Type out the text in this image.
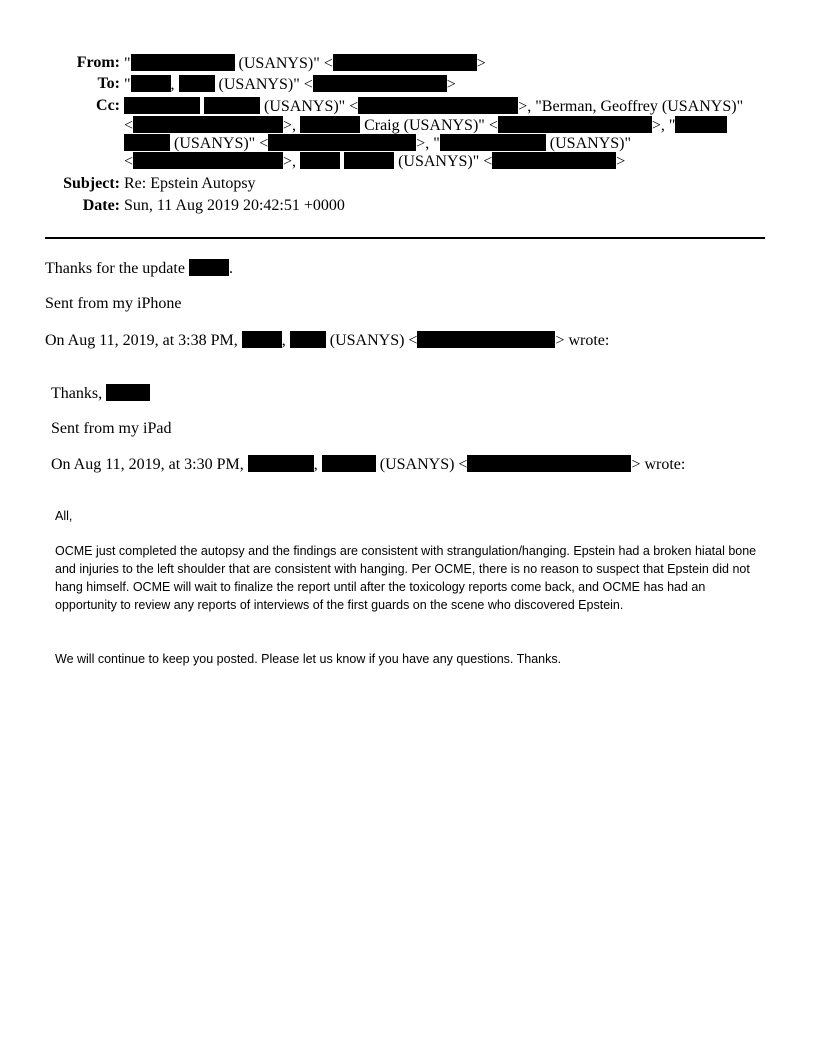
From: "	(USANYS)" <	>
To: "	,  (USANYS)" <	>
Cc:	(USANYS)" <	>, "Berman, Geoffrey (USANYS)"
<	>,	Craig (USANYS)" <	>, "
(USANYS)" <	>, "	(USANYS)"
<	>,	(USANYS)" <	>
Subject: Re: Epstein Autopsy
Date: Sun, 11 Aug 2019 20:42:51 +0000
Thanks for the update	.
Sent from my iPhone
On Aug 11, 2019, at 3:38 PM,	,  (USANYS) <	> wrote:
Thanks,
Sent from my iPad
On Aug 11, 2019, at 3:30 PM,	,	(USANYS) <	> wrote:
All,
OCME just completed the autopsy and the findings are consistent with strangulation/hanging. Epstein had a broken hiatal bone and injuries to the left shoulder that are consistent with hanging. Per OCME, there is no reason to suspect that Epstein did not hang himself. OCME will wait to finalize the report until after the toxicology reports come back, and OCME has had an opportunity to review any reports of interviews of the first guards on the scene who discovered Epstein.
We will continue to keep you posted. Please let us know if you have any questions. Thanks.
